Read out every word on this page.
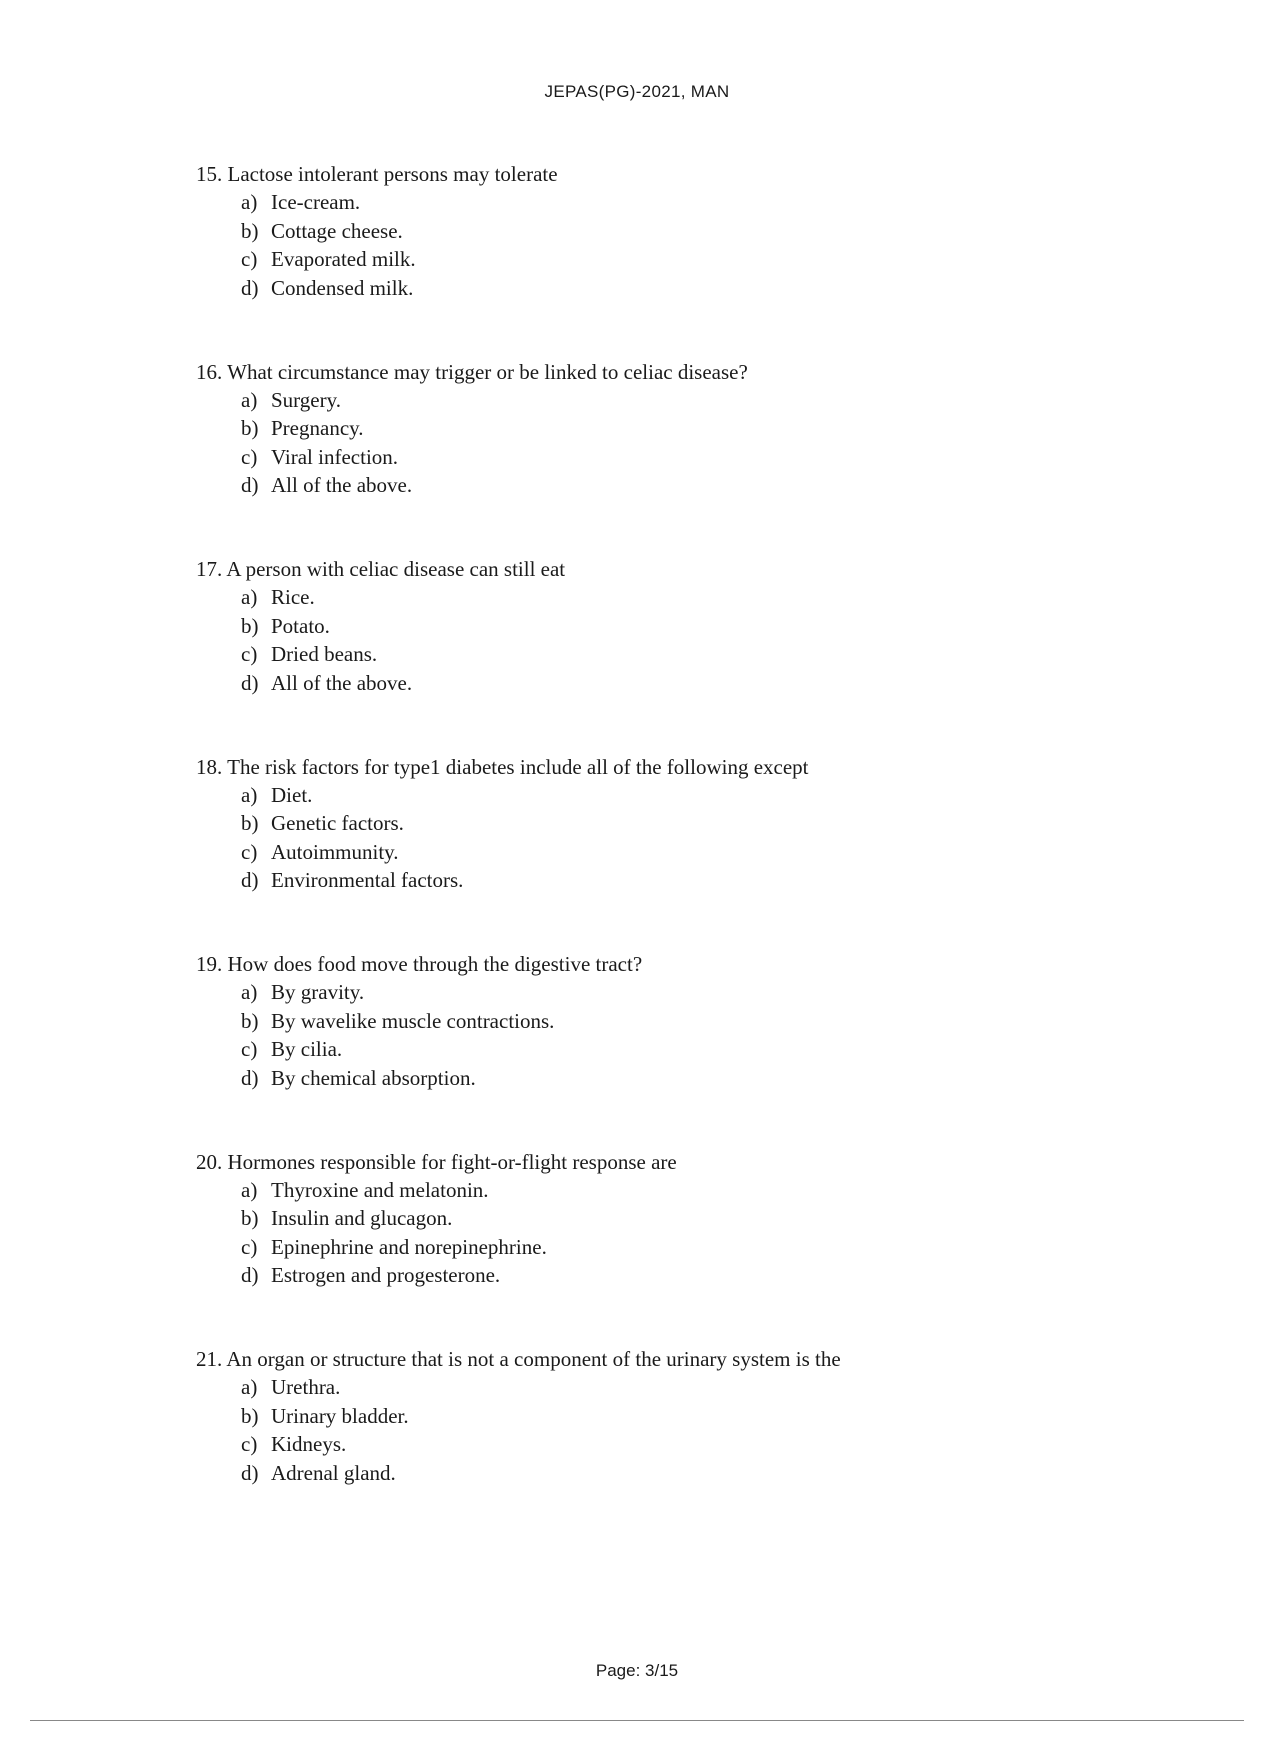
JEPAS(PG)-2021, MAN
15. Lactose intolerant persons may tolerate
a) Ice-cream.
b) Cottage cheese.
c) Evaporated milk.
d) Condensed milk.
16. What circumstance may trigger or be linked to celiac disease?
a) Surgery.
b) Pregnancy.
c) Viral infection.
d) All of the above.
17. A person with celiac disease can still eat
a) Rice.
b) Potato.
c) Dried beans.
d) All of the above.
18. The risk factors for type1 diabetes include all of the following except
a) Diet.
b) Genetic factors.
c) Autoimmunity.
d) Environmental factors.
19. How does food move through the digestive tract?
a) By gravity.
b) By wavelike muscle contractions.
c) By cilia.
d) By chemical absorption.
20. Hormones responsible for fight-or-flight response are
a) Thyroxine and melatonin.
b) Insulin and glucagon.
c) Epinephrine and norepinephrine.
d) Estrogen and progesterone.
21. An organ or structure that is not a component of the urinary system is the
a) Urethra.
b) Urinary bladder.
c) Kidneys.
d) Adrenal gland.
Page: 3/15
